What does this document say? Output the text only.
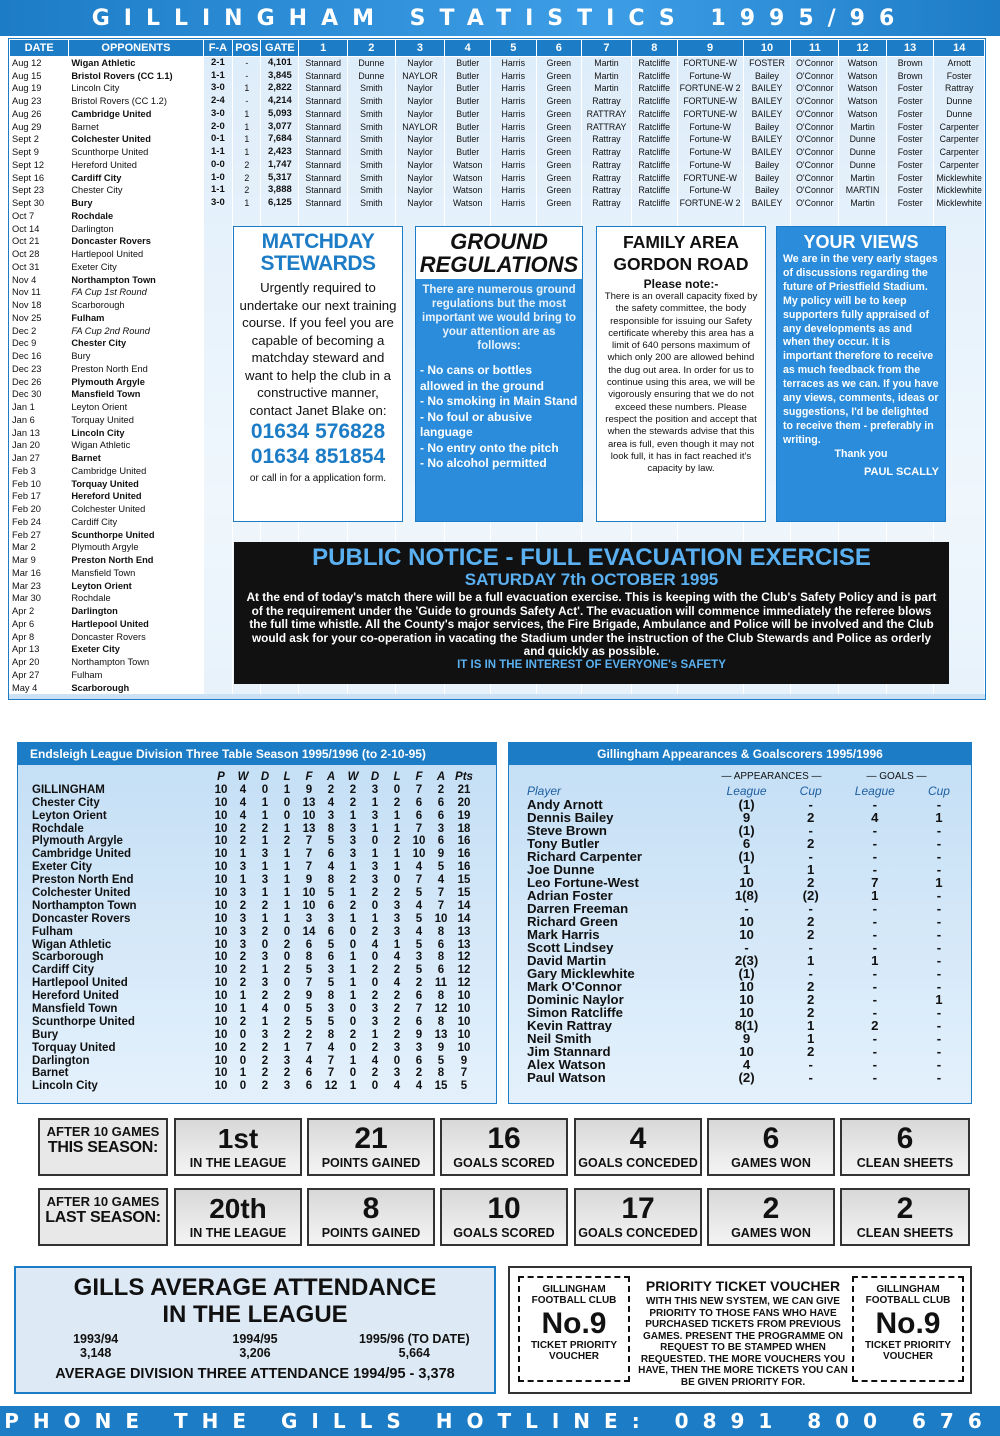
GILLINGHAM STATISTICS 1995/96
DATE	OPPONENTS	F-A	POS	GATE	1	2	3	4	5	6	7	8	9	10	11	12	13	14
Aug 12	Wigan Athletic	2-1	-	4,101	Stannard	Dunne	Naylor	Butler	Harris	Green	Martin	Ratcliffe	FORTUNE-W	FOSTER	O'Connor	Watson	Brown	Arnott
Aug 15	Bristol Rovers (CC 1.1)	1-1	-	3,845	Stannard	Dunne	NAYLOR	Butler	Harris	Green	Martin	Ratcliffe	Fortune-W	Bailey	O'Connor	Watson	Brown	Foster
Aug 19	Lincoln City	3-0	1	2,822	Stannard	Smith	Naylor	Butler	Harris	Green	Martin	Ratcliffe	FORTUNE-W 2	BAILEY	O'Connor	Watson	Foster	Rattray
Aug 23	Bristol Rovers (CC 1.2)	2-4	-	4,214	Stannard	Smith	Naylor	Butler	Harris	Green	Rattray	Ratcliffe	FORTUNE-W	BAILEY	O'Connor	Watson	Foster	Dunne
Aug 26	Cambridge United	3-0	1	5,093	Stannard	Smith	Naylor	Butler	Harris	Green	RATTRAY	Ratcliffe	FORTUNE-W	BAILEY	O'Connor	Watson	Foster	Dunne
Aug 29	Barnet	2-0	1	3,077	Stannard	Smith	NAYLOR	Butler	Harris	Green	RATTRAY	Ratcliffe	Fortune-W	Bailey	O'Connor	Martin	Foster	Carpenter
Sept 2	Colchester United	0-1	1	7,684	Stannard	Smith	Naylor	Butler	Harris	Green	Rattray	Ratcliffe	Fortune-W	BAILEY	O'Connor	Dunne	Foster	Carpenter
Sept 9	Scunthorpe United	1-1	1	2,423	Stannard	Smith	Naylor	Butler	Harris	Green	Rattray	Ratcliffe	Fortune-W	BAILEY	O'Connor	Dunne	Foster	Carpenter
Sept 12	Hereford United	0-0	2	1,747	Stannard	Smith	Naylor	Watson	Harris	Green	Rattray	Ratcliffe	Fortune-W	Bailey	O'Connor	Dunne	Foster	Carpenter
Sept 16	Cardiff City	1-0	2	5,317	Stannard	Smith	Naylor	Watson	Harris	Green	Rattray	Ratcliffe	FORTUNE-W	Bailey	O'Connor	Martin	Foster	Micklewhite
Sept 23	Chester City	1-1	2	3,888	Stannard	Smith	Naylor	Watson	Harris	Green	Rattray	Ratcliffe	Fortune-W	Bailey	O'Connor	MARTIN	Foster	Micklewhite
Sept 30	Bury	3-0	1	6,125	Stannard	Smith	Naylor	Watson	Harris	Green	Rattray	Ratcliffe	FORTUNE-W 2	BAILEY	O'Connor	Martin	Foster	Micklewhite
Oct 7	Rochdale																	
Oct 14	Darlington																	
Oct 21	Doncaster Rovers																	
Oct 28	Hartlepool United																	
Oct 31	Exeter City																	
Nov 4	Northampton Town																	
Nov 11	FA Cup 1st Round																	
Nov 18	Scarborough																	
Nov 25	Fulham																	
Dec 2	FA Cup 2nd Round																	
Dec 9	Chester City																	
Dec 16	Bury																	
Dec 23	Preston North End																	
Dec 26	Plymouth Argyle																	
Dec 30	Mansfield Town																	
Jan 1	Leyton Orient																	
Jan 6	Torquay United																	
Jan 13	Lincoln City																	
Jan 20	Wigan Athletic																	
Jan 27	Barnet																	
Feb 3	Cambridge United																	
Feb 10	Torquay United																	
Feb 17	Hereford United																	
Feb 20	Colchester United																	
Feb 24	Cardiff City																	
Feb 27	Scunthorpe United																	
Mar 2	Plymouth Argyle																	
Mar 9	Preston North End																	
Mar 16	Mansfield Town																	
Mar 23	Leyton Orient																	
Mar 30	Rochdale																	
Apr 2	Darlington																	
Apr 6	Hartlepool United																	
Apr 8	Doncaster Rovers																	
Apr 13	Exeter City																	
Apr 20	Northampton Town																	
Apr 27	Fulham																	
May 4	Scarborough																	
MATCHDAY
STEWARDS
Urgently required to undertake our next training course. If you feel you are capable of becoming a matchday steward and want to help the club in a constructive manner, contact Janet Blake on:
01634 576828
01634 851854
or call in for a application form.
GROUND
REGULATIONS
There are numerous ground regulations but the most important we would bring to your attention are as follows:
- No cans or bottles allowed in the ground
- No smoking in Main Stand
- No foul or abusive language
- No entry onto the pitch
- No alcohol permitted
FAMILY AREA
GORDON ROAD
Please note:-
There is an overall capacity fixed by the safety committee, the body responsible for issuing our Safety certificate whereby this area has a limit of 640 persons maximum of which only 200 are allowed behind the dug out area. In order for us to continue using this area, we will be vigorously ensuring that we do not exceed these numbers. Please respect the position and accept that when the stewards advise that this area is full, even though it may not look full, it has in fact reached it's capacity by law.
YOUR VIEWS
We are in the very early stages of discussions regarding the future of Priestfield Stadium. My policy will be to keep supporters fully appraised of any developments as and when they occur. It is important therefore to receive as much feedback from the terraces as we can. If you have any views, comments, ideas or suggestions, I'd be delighted to receive them - preferably in writing.
Thank you
PAUL SCALLY
PUBLIC NOTICE - FULL EVACUATION EXERCISE
SATURDAY 7th OCTOBER 1995
At the end of today's match there will be a full evacuation exercise. This is keeping with the Club's Safety Policy and is part of the requirement under the 'Guide to grounds Safety Act'. The evacuation will commence immediately the referee blows the full time whistle. All the County's major services, the Fire Brigade, Ambulance and Police will be involved and the Club would ask for your co-operation in vacating the Stadium under the instruction of the Club Stewards and Police as orderly and quickly as possible.
IT IS IN THE INTEREST OF EVERYONE's SAFETY
Endsleigh League Division Three Table Season 1995/1996 (to 2-10-95)
P	W	D	L	F	A	W	D	L	F	A Pts
GILLINGHAM	10	4	0	1	9	2	2	3	0	7	2	21
Chester City	10	4	1	0	13	4	2	1	2	6	6	20
Leyton Orient	10	4	1	0	10	3	1	3	1	6	6	19
Rochdale	10	2	2	1	13	8	3	1	1	7	3	18
Plymouth Argyle	10	2	1	2	7	5	3	0	2	10	6	16
Cambridge United	10	1	3	1	7	6	3	1	1	10	9	16
Exeter City	10	3	1	1	7	4	1	3	1	4	5	16
Preston North End	10	1	3	1	9	8	2	3	0	7	4	15
Colchester United	10	3	1	1	10	5	1	2	2	5	7	15
Northampton Town	10	2	2	1	10	6	2	0	3	4	7	14
Doncaster Rovers	10	3	1	1	3	3	1	1	3	5	10 14
Fulham	10	3	2	0	14	6	0	2	3	4	8	13
Wigan Athletic	10	3	0	2	6	5	0	4	1	5	6	13
Scarborough	10	2	3	0	8	6	1	0	4	3	8	12
Cardiff City	10	2	1	2	5	3	1	2	2	5	6	12
Hartlepool United	10	2	3	0	7	5	1	0	4	2	11 12
Hereford United	10	1	2	2	9	8	1	2	2	6	8	10
Mansfield Town	10	1	4	0	5	3	0	3	2	7	12 10
Scunthorpe United	10	2	1	2	5	5	0	3	2	6	8	10
Bury	10	0	3	2	2	8	2	1	2	9	13 10
Torquay United	10	2	2	1	7	4	0	2	3	3	9	10
Darlington	10	0	2	3	4	7	1	4	0	6	5	9
Barnet	10	1	2	2	6	7	0	2	3	2	8	7
Lincoln City	10	0	2	3	6	12	1	0	4	4	15	5
Gillingham Appearances & Goalscorers 1995/1996
— APPEARANCES —	— GOALS —
Player	League	Cup	League	Cup
Andy Arnott	(1)	-	-	-
Dennis Bailey	9	2	4	1
Steve Brown	(1)	-	-	-
Tony Butler	6	2	-	-
Richard Carpenter	(1)	-	-	-
Joe Dunne	1	1	-	-
Leo Fortune-West	10	2	7	1
Adrian Foster	1(8)	(2)	1	-
Darren Freeman	-	-	-	-
Richard Green	10	2	-	-
Mark Harris	10	2	-	-
Scott Lindsey	-	-	-	-
David Martin	2(3)	1	1	-
Gary Micklewhite	(1)	-	-	-
Mark O'Connor	10	2	-	-
Dominic Naylor	10	2	-	1
Simon Ratcliffe	10	2	-	-
Kevin Rattray	8(1)	1	2	-
Neil Smith	9	1	-	-
Jim Stannard	10	2	-	-
Alex Watson	4	-	-	-
Paul Watson	(2)	-	-	-
AFTER 10 GAMES
THIS SEASON:	1st
IN THE LEAGUE
21
POINTS GAINED
16
GOALS SCORED
4
GOALS CONCEDED
6
GAMES WON
6
CLEAN SHEETS
AFTER 10 GAMES
LAST SEASON:	20th
IN THE LEAGUE
8
POINTS GAINED
10
GOALS SCORED
17
GOALS CONCEDED
2
GAMES WON
2
CLEAN SHEETS
GILLS AVERAGE ATTENDANCE
IN THE LEAGUE
1993/94
3,148
1994/95
3,206
1995/96 (TO DATE)
5,664
AVERAGE DIVISION THREE ATTENDANCE 1994/95 - 3,378
GILLINGHAM FOOTBALL CLUB
No.9
TICKET PRIORITY VOUCHER
PRIORITY TICKET VOUCHER
WITH THIS NEW SYSTEM, WE CAN GIVE PRIORITY TO THOSE FANS WHO HAVE PURCHASED TICKETS FROM PREVIOUS GAMES. PRESENT THE PROGRAMME ON REQUEST TO BE STAMPED WHEN REQUESTED. THE MORE VOUCHERS YOU HAVE, THEN THE MORE TICKETS YOU CAN BE GIVEN PRIORITY FOR.
GILLINGHAM FOOTBALL CLUB
No.9
TICKET PRIORITY VOUCHER
PHONE THE GILLS HOTLINE: 0891 800 676
